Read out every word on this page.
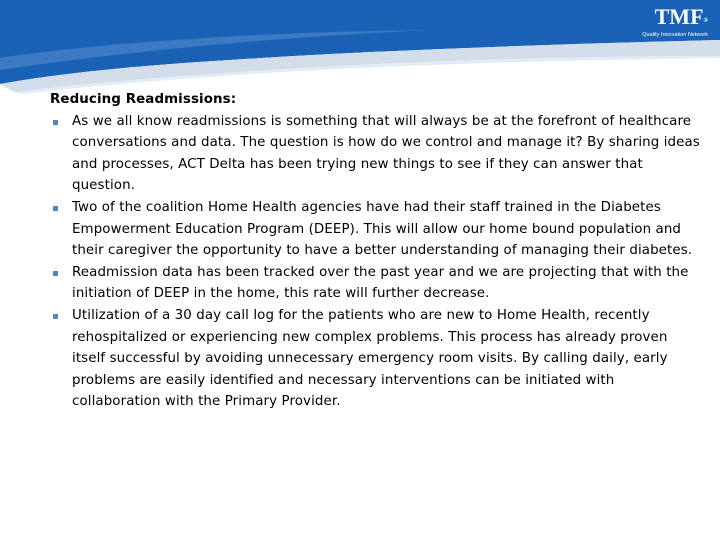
TMF®
Quality Innovation Network

Reducing Readmissions:

As we all know readmissions is something that will always be at the forefront of healthcare conversations and data. The question is how do we control and manage it? By sharing ideas and processes, ACT Delta has been trying new things to see if they can answer that question.
Two of the coalition Home Health agencies have had their staff trained in the Diabetes Empowerment Education Program (DEEP). This will allow our home bound population and their caregiver the opportunity to have a better understanding of managing their diabetes.
Readmission data has been tracked over the past year and we are projecting that with the initiation of DEEP in the home, this rate will further decrease.
Utilization of a 30 day call log for the patients who are new to Home Health, recently rehospitalized or experiencing new complex problems. This process has already proven itself successful by avoiding unnecessary emergency room visits. By calling daily, early problems are easily identified and necessary interventions can be initiated with collaboration with the Primary Provider.
